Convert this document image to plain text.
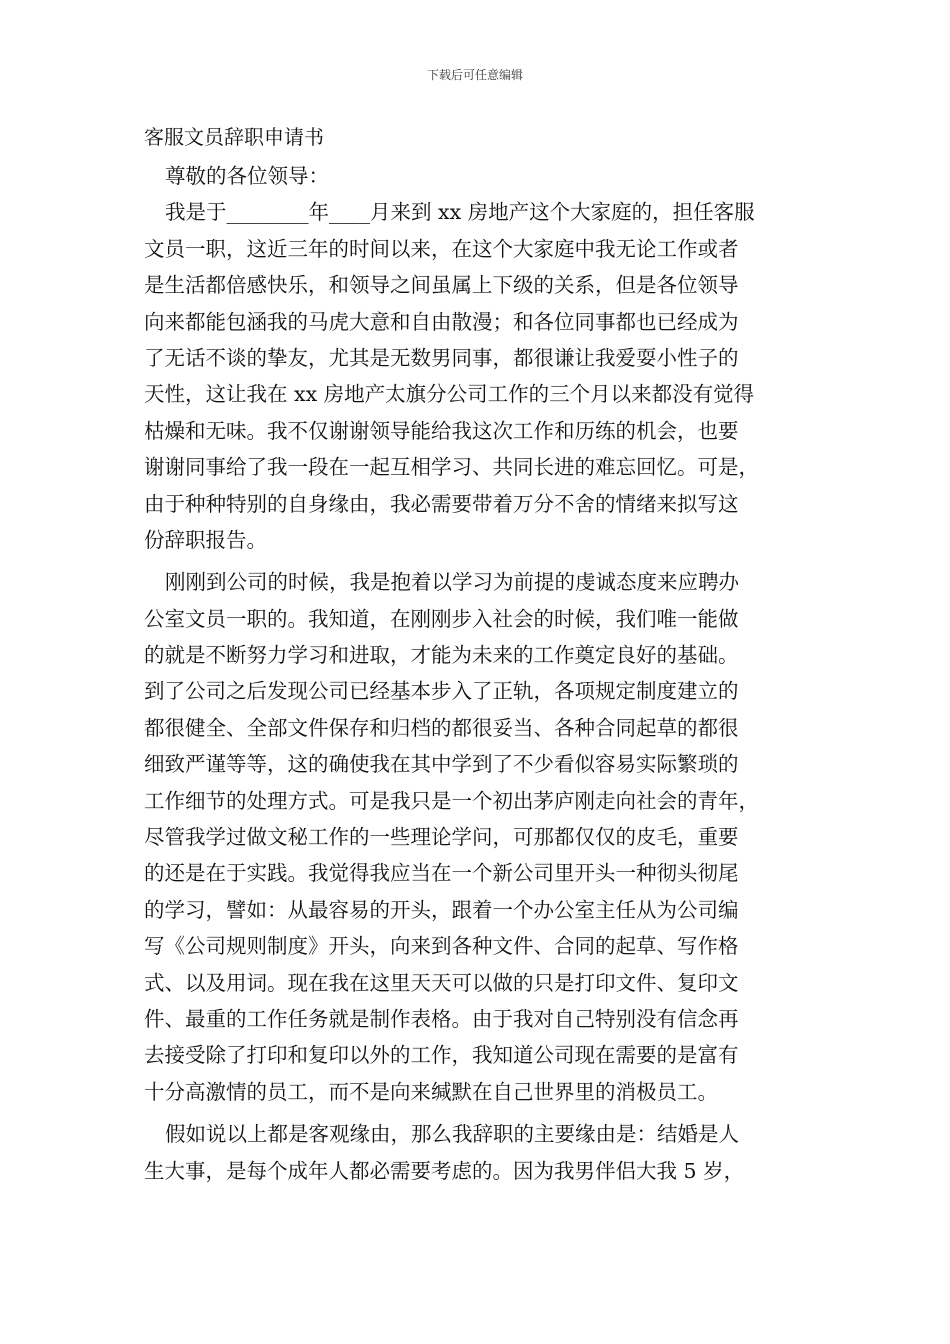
下载后可任意编辑
客服文员辞职申请书
尊敬的各位领导：
我是于________年____月来到 xx 房地产这个大家庭的，担任客服
文员一职，这近三年的时间以来，在这个大家庭中我无论工作或者
是生活都倍感快乐，和领导之间虽属上下级的关系，但是各位领导
向来都能包涵我的马虎大意和自由散漫；和各位同事都也已经成为
了无话不谈的挚友，尤其是无数男同事，都很谦让我爱耍小性子的
天性，这让我在 xx 房地产太旗分公司工作的三个月以来都没有觉得
枯燥和无味。我不仅谢谢领导能给我这次工作和历练的机会，也要
谢谢同事给了我一段在一起互相学习、共同长进的难忘回忆。可是，
由于种种特别的自身缘由，我必需要带着万分不舍的情绪来拟写这
份辞职报告。
刚刚到公司的时候，我是抱着以学习为前提的虔诚态度来应聘办
公室文员一职的。我知道，在刚刚步入社会的时候，我们唯一能做
的就是不断努力学习和进取，才能为未来的工作奠定良好的基础。
到了公司之后发现公司已经基本步入了正轨，各项规定制度建立的
都很健全、全部文件保存和归档的都很妥当、各种合同起草的都很
细致严谨等等，这的确使我在其中学到了不少看似容易实际繁琐的
工作细节的处理方式。可是我只是一个初出茅庐刚走向社会的青年，
尽管我学过做文秘工作的一些理论学问，可那都仅仅的皮毛，重要
的还是在于实践。我觉得我应当在一个新公司里开头一种彻头彻尾
的学习，譬如：从最容易的开头，跟着一个办公室主任从为公司编
写《公司规则制度》开头，向来到各种文件、合同的起草、写作格
式、以及用词。现在我在这里天天可以做的只是打印文件、复印文
件、最重的工作任务就是制作表格。由于我对自己特别没有信念再
去接受除了打印和复印以外的工作，我知道公司现在需要的是富有
十分高激情的员工，而不是向来缄默在自己世界里的消极员工。
假如说以上都是客观缘由，那么我辞职的主要缘由是：结婚是人
生大事，是每个成年人都必需要考虑的。因为我男伴侣大我 5 岁，
